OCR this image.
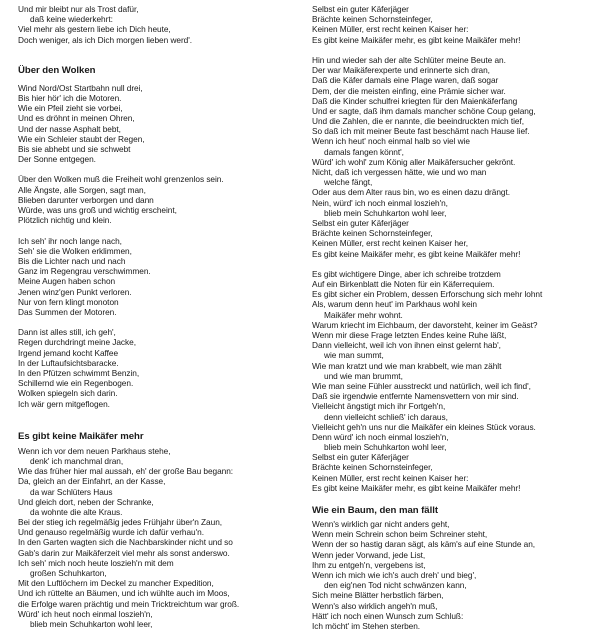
Und mir bleibt nur als Trost dafür,
daß keine wiederkehrt:
Viel mehr als gestern liebe ich Dich heute,
Doch weniger, als ich Dich morgen lieben werd'.
Über den Wolken
Wind Nord/Ost Startbahn null drei,
Bis hier hör' ich die Motoren.
Wie ein Pfeil zieht sie vorbei,
Und es dröhnt in meinen Ohren,
Und der nasse Asphalt bebt,
Wie ein Schleier staubt der Regen,
Bis sie abhebt und sie schwebt
Der Sonne entgegen.
Über den Wolken muß die Freiheit wohl grenzenlos sein.
Alle Ängste, alle Sorgen, sagt man,
Blieben darunter verborgen und dann
Würde, was uns groß und wichtig erscheint,
Plötzlich nichtig und klein.
Ich seh' ihr noch lange nach,
Seh' sie die Wolken erklimmen,
Bis die Lichter nach und nach
Ganz im Regengrau verschwimmen.
Meine Augen haben schon
Jenen winz'gen Punkt verloren.
Nur von fern klingt monoton
Das Summen der Motoren.
Dann ist alles still, ich geh',
Regen durchdringt meine Jacke,
Irgend jemand kocht Kaffee
In der Luftaufsichtsbaracke.
In den Pfützen schwimmt Benzin,
Schillernd wie ein Regenbogen.
Wolken spiegeln sich darin.
Ich wär gern mitgeflogen.
Es gibt keine Maikäfer mehr
Wenn ich vor dem neuen Parkhaus stehe,
denk' ich manchmal dran,
Wie das früher hier mal aussah, eh' der große Bau begann:
Da, gleich an der Einfahrt, an der Kasse,
da war Schlüters Haus
Und gleich dort, neben der Schranke,
da wohnte die alte Kraus.
Bei der stieg ich regelmäßig jedes Frühjahr über'n Zaun,
Und genauso regelmäßig wurde ich dafür verhau'n.
In den Garten wagten sich die Nachbarskinder nicht und so
Gab's darin zur Maikäferzeit viel mehr als sonst anderswo.
Ich seh' mich noch heute loszieh'n mit dem
großen Schuhkarton,
Mit den Luftlöchern im Deckel zu mancher Expedition,
Und ich rüttelte an Bäumen, und ich wühlte auch im Moos,
die Erfolge waren prächtig und mein Tricktreichtum war groß.
Würd' ich heut noch einmal loszieh'n,
blieb mein Schuhkarton wohl leer,
Selbst ein guter Käferjäger
Brächte keinen Schornsteinfeger,
Keinen Müller, erst recht keinen Kaiser her:
Es gibt keine Maikäfer mehr, es gibt keine Maikäfer mehr!
Hin und wieder sah der alte Schlüter meine Beute an.
Der war Maikäferexperte und erinnerte sich dran,
Daß die Käfer damals eine Plage waren, daß sogar
Dem, der die meisten einfing, eine Prämie sicher war.
Daß die Kinder schulfrei kriegten für den Maienkäferfang
Und er sagte, daß ihm damals mancher schöne Coup gelang,
Und die Zahlen, die er nannte, die beeindruckten mich tief,
So daß ich mit meiner Beute fast beschämt nach Hause lief.
Wenn ich heut' noch einmal halb so viel wie
damals fangen könnt',
Würd' ich wohl' zum König aller Maikäfersucher gekrönt.
Nicht, daß ich vergessen hätte, wie und wo man
welche fängt,
Oder aus dem Alter raus bin, wo es einen dazu drängt.
Nein, würd' ich noch einmal loszieh'n,
blieb mein Schuhkarton wohl leer,
Selbst ein guter Käferjäger
Brächte keinen Schornsteinfeger,
Keinen Müller, erst recht keinen Kaiser her,
Es gibt keine Maikäfer mehr, es gibt keine Maikäfer mehr!
Es gibt wichtigere Dinge, aber ich schreibe trotzdem
Auf ein Birkenblatt die Noten für ein Käferrequiem.
Es gibt sicher ein Problem, dessen Erforschung sich mehr lohnt
Als, warum denn heut' im Parkhaus wohl kein
Maikäfer mehr wohnt.
Warum kriecht im Eichbaum, der davorsteht, keiner im Geäst?
Wenn mir diese Frage letzten Endes keine Ruhe läßt,
Dann vielleicht, weil ich von ihnen einst gelernt hab',
wie man summt,
Wie man kratzt und wie man krabbelt, wie man zählt
und wie man brummt,
Wie man seine Fühler ausstreckt und natürlich, weil ich find',
Daß sie irgendwie entfernte Namensvettern von mir sind.
Vielleicht ängstigt mich ihr Fortgeh'n,
denn vielleicht schließ' ich daraus,
Vielleicht geh'n uns nur die Maikäfer ein kleines Stück voraus.
Denn würd' ich noch einmal loszieh'n,
blieb mein Schuhkarton wohl leer,
Selbst ein guter Käferjäger
Brächte keinen Schornsteinfeger,
Keinen Müller, erst recht keinen Kaiser her:
Es gibt keine Maikäfer mehr, es gibt keine Maikäfer mehr!
Wie ein Baum, den man fällt
Wenn's wirklich gar nicht anders geht,
Wenn mein Schrein schon beim Schreiner steht,
Wenn der so hastig daran sägt, als käm's auf eine Stunde an,
Wenn jeder Vorwand, jede List,
Ihm zu entgeh'n, vergebens ist,
Wenn ich mich wie ich's auch dreh' und bieg',
den eig'nen Tod nicht schwänzen kann,
Sich meine Blätter herbstlich färben,
Wenn's also wirklich angeh'n muß,
Hätt' ich noch einen Wunsch zum Schluß:
Ich möcht' im Stehen sterben.
